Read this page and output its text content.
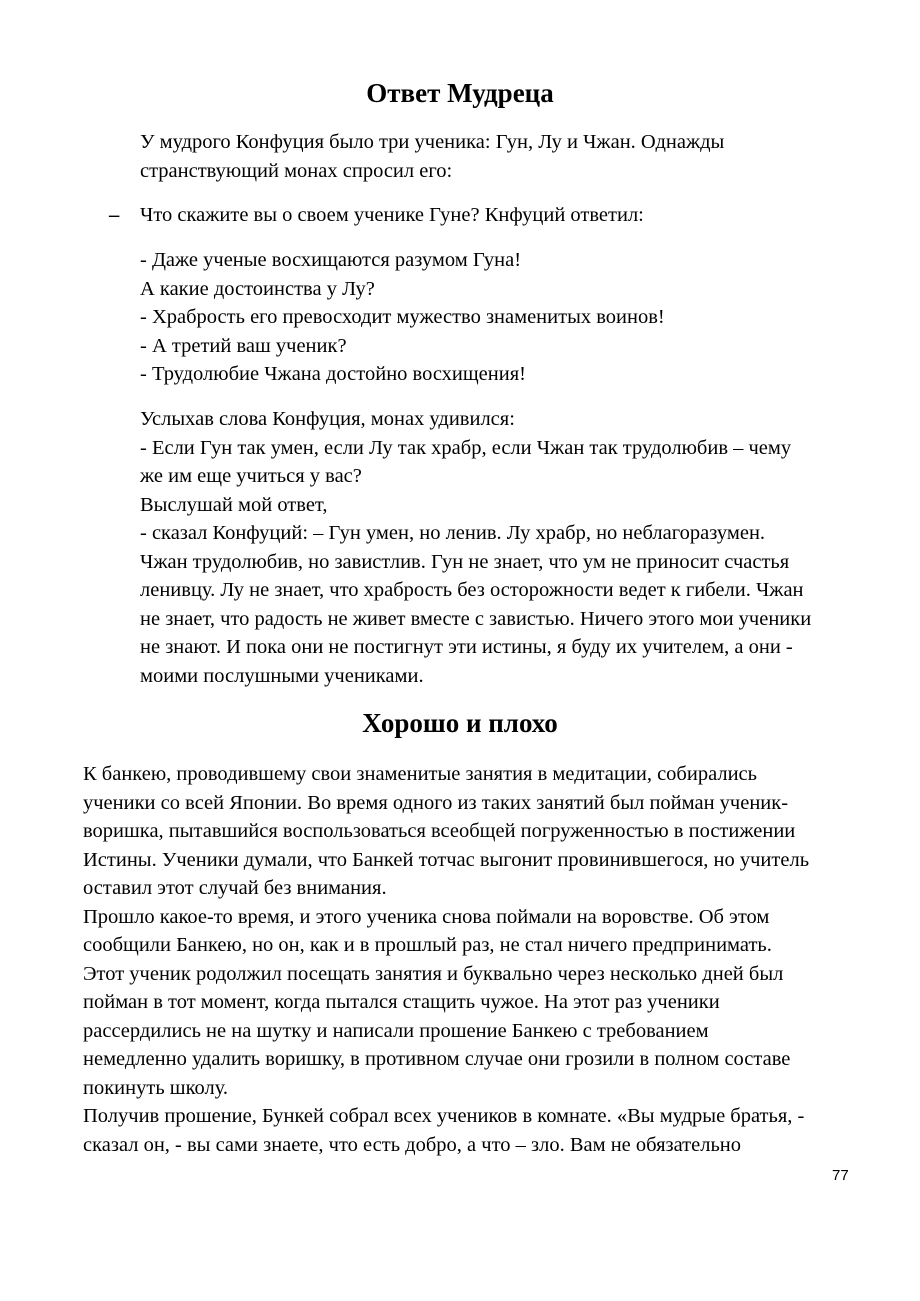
Ответ Мудреца
У мудрого Конфуция было три ученика: Гун, Лу и Чжан. Однажды
странствующий монах спросил его:
– Что скажите вы о своем ученике Гуне? Кнфуций ответил:
- Даже ученые восхищаются разумом Гуна!
А какие достоинства у Лу?
- Храбрость его превосходит мужество знаменитых воинов!
- А третий ваш ученик?
- Трудолюбие Чжана достойно восхищения!
Услыхав слова Конфуция, монах удивился:
- Если Гун так умен, если Лу так храбр, если Чжан так трудолюбив – чему
же им еще учиться у вас?
Выслушай мой ответ,
- сказал Конфуций: – Гун умен, но ленив. Лу храбр, но неблагоразумен.
Чжан трудолюбив, но завистлив. Гун не знает, что ум не приносит счастья
ленивцу. Лу не знает, что храбрость без осторожности ведет к гибели. Чжан
не знает, что радость не живет вместе с завистью. Ничего этого мои ученики
не знают. И пока они не постигнут эти истины, я буду их учителем, а они -
моими послушными учениками.
Хорошо и плохо
К банкею, проводившему свои знаменитые занятия в медитации, собирались
ученики со всей Японии. Во время одного из таких занятий был пойман ученик-
воришка, пытавшийся воспользоваться всеобщей погруженностью в постижении
Истины. Ученики думали, что Банкей тотчас выгонит провинившегося, но учитель
оставил этот случай без внимания.
Прошло какое-то время, и этого ученика снова поймали на воровстве. Об этом
сообщили Банкею, но он, как и в прошлый раз, не стал ничего предпринимать.
Этот ученик родолжил посещать занятия и буквально через несколько дней был
пойман в тот момент, когда пытался стащить чужое. На этот раз ученики
рассердились не на шутку и написали прошение Банкею с требованием
немедленно удалить воришку, в противном случае они грозили в полном составе
покинуть школу.
Получив прошение, Бункей собрал всех учеников в комнате. «Вы мудрые братья, -
сказал он, - вы сами знаете, что есть добро, а что – зло. Вам не обязательно
77
